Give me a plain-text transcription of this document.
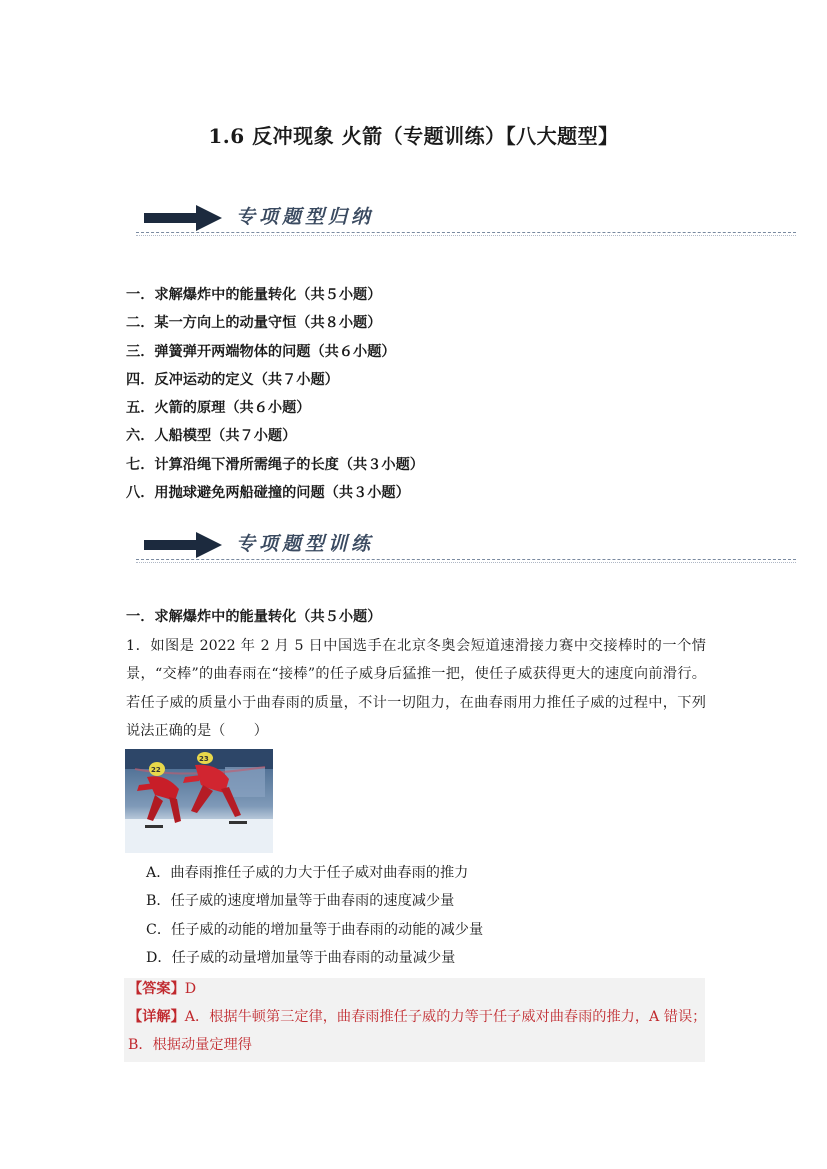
1.6 反冲现象 火箭（专题训练）【八大题型】
专项题型归纳
一．求解爆炸中的能量转化（共５小题）
二．某一方向上的动量守恒（共８小题）
三．弹簧弹开两端物体的问题（共６小题）
四．反冲运动的定义（共７小题）
五．火箭的原理（共６小题）
六．人船模型（共７小题）
七．计算沿绳下滑所需绳子的长度（共３小题）
八．用抛球避免两船碰撞的问题（共３小题）
专项题型训练
一．求解爆炸中的能量转化（共５小题）
1．如图是 2022 年 2 月 5 日中国选手在北京冬奥会短道速滑接力赛中交接棒时的一个情景，“交棒”的曲春雨在“接棒”的任子威身后猛推一把，使任子威获得更大的速度向前滑行。若任子威的质量小于曲春雨的质量，不计一切阻力，在曲春雨用力推任子威的过程中，下列说法正确的是（　　）
22
23
A．曲春雨推任子威的力大于任子威对曲春雨的推力
B．任子威的速度增加量等于曲春雨的速度减少量
C．任子威的动能的增加量等于曲春雨的动能的减少量
D．任子威的动量增加量等于曲春雨的动量减少量
【答案】D
【详解】A．根据牛顿第三定律，曲春雨推任子威的力等于任子威对曲春雨的推力，A 错误；
B．根据动量定理得
